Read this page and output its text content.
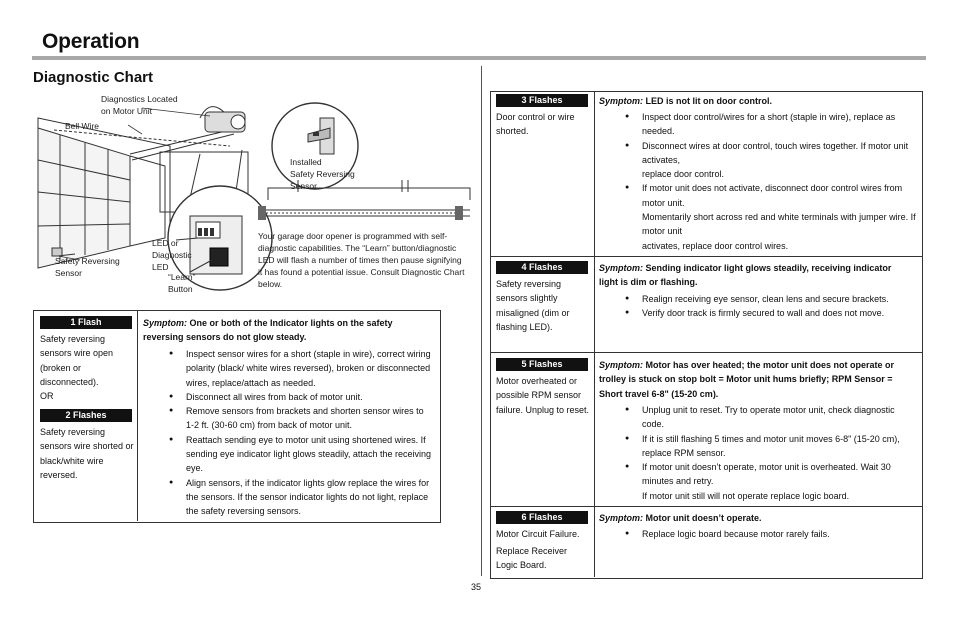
Operation
Diagnostic Chart
Diagnostics Located
on Motor Unit
Bell Wire
Safety Reversing
Sensor
Installed
Safety Reversing
Sensor
LED or
Diagnostic
LED
“Learn”
Button
Your garage door opener is programmed with self-diagnostic capabilities. The “Learn” button/diagnostic LED will flash a number of times then pause signifying it has found a potential issue. Consult Diagnostic Chart below.
1 Flash
Safety reversing sensors wire open (broken or disconnected).
OR
2 Flashes
Safety reversing sensors wire shorted or black/white wire reversed.
Symptom: One or both of the Indicator lights on the safety reversing sensors do not glow steady.
● Inspect sensor wires for a short (staple in wire), correct wiring polarity (black/ white wires reversed), broken or disconnected wires, replace/attach as needed.
● Disconnect all wires from back of motor unit.
● Remove sensors from brackets and shorten sensor wires to 1-2 ft. (30-60 cm) from back of motor unit.
● Reattach sending eye to motor unit using shortened wires. If sending eye indicator light glows steadily, attach the receiving eye.
● Align sensors, if the indicator lights glow replace the wires for the sensors. If the sensor indicator lights do not light, replace the safety reversing sensors.
3 Flashes
Door control or wire shorted.
Symptom: LED is not lit on door control.
● Inspect door control/wires for a short (staple in wire), replace as needed.
● Disconnect wires at door control, touch wires together. If motor unit activates,
replace door control.
● If motor unit does not activate, disconnect door control wires from motor unit.
Momentarily short across red and white terminals with jumper wire. If motor unit
activates, replace door control wires.
4 Flashes
Safety reversing sensors slightly misaligned (dim or flashing LED).
Symptom: Sending indicator light glows steadily, receiving indicator light is dim or flashing.
● Realign receiving eye sensor, clean lens and secure brackets.
● Verify door track is firmly secured to wall and does not move.
5 Flashes
Motor overheated or possible RPM sensor failure. Unplug to reset.
Symptom: Motor has over heated; the motor unit does not operate or trolley is stuck on stop bolt = Motor unit hums briefly; RPM Sensor = Short travel 6-8" (15-20 cm).
● Unplug unit to reset. Try to operate motor unit, check diagnostic code.
● If it is still flashing 5 times and motor unit moves 6-8" (15-20 cm), replace RPM sensor.
● If motor unit doesn’t operate, motor unit is overheated. Wait 30 minutes and retry.
If motor unit still will not operate replace logic board.
6 Flashes
Motor Circuit Failure.
Replace Receiver Logic Board.
Symptom: Motor unit doesn’t operate.
● Replace logic board because motor rarely fails.
35
